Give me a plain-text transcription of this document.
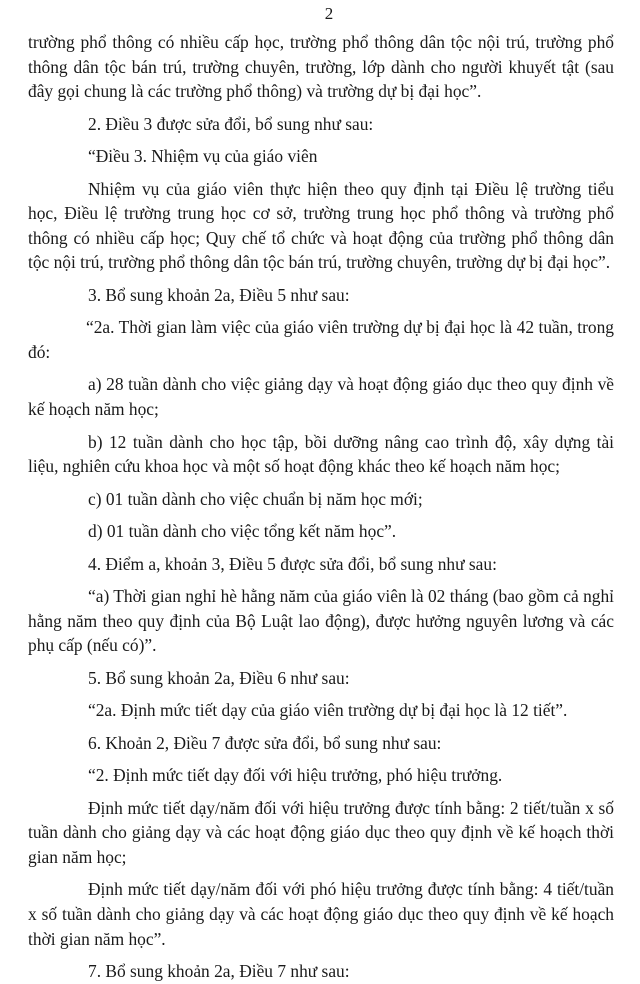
2

trường phổ thông có nhiều cấp học, trường phổ thông dân tộc nội trú, trường phổ thông dân tộc bán trú, trường chuyên, trường, lớp dành cho người khuyết tật (sau đây gọi chung là các trường phổ thông) và trường dự bị đại học”.

2. Điều 3 được sửa đổi, bổ sung như sau:

“Điều 3. Nhiệm vụ của giáo viên

Nhiệm vụ của giáo viên thực hiện theo quy định tại Điều lệ trường tiểu học, Điều lệ trường trung học cơ sở, trường trung học phổ thông và trường phổ thông có nhiều cấp học; Quy chế tổ chức và hoạt động của trường phổ thông dân tộc nội trú, trường phổ thông dân tộc bán trú, trường chuyên, trường dự bị đại học”.

3. Bổ sung khoản 2a, Điều 5 như sau:

“2a. Thời gian làm việc của giáo viên trường dự bị đại học là 42 tuần, trong đó:

a) 28 tuần dành cho việc giảng dạy và hoạt động giáo dục theo quy định về kế hoạch năm học;

b) 12 tuần dành cho học tập, bồi dưỡng nâng cao trình độ, xây dựng tài liệu, nghiên cứu khoa học và một số hoạt động khác theo kế hoạch năm học;

c) 01 tuần dành cho việc chuẩn bị năm học mới;

d) 01 tuần dành cho việc tổng kết năm học”.

4. Điểm a, khoản 3, Điều 5 được sửa đổi, bổ sung như sau:

“a) Thời gian nghỉ hè hằng năm của giáo viên là 02 tháng (bao gồm cả nghỉ hằng năm theo quy định của Bộ Luật lao động), được hưởng nguyên lương và các phụ cấp (nếu có)”.

5. Bổ sung khoản 2a, Điều 6 như sau:

“2a. Định mức tiết dạy của giáo viên trường dự bị đại học là 12 tiết”.

6. Khoản 2, Điều 7 được sửa đổi, bổ sung như sau:

“2. Định mức tiết dạy đối với hiệu trưởng, phó hiệu trưởng.

Định mức tiết dạy/năm đối với hiệu trưởng được tính bằng: 2 tiết/tuần x số tuần dành cho giảng dạy và các hoạt động giáo dục theo quy định về kế hoạch thời gian năm học;

Định mức tiết dạy/năm đối với phó hiệu trưởng được tính bằng: 4 tiết/tuần x số tuần dành cho giảng dạy và các hoạt động giáo dục theo quy định về kế hoạch thời gian năm học”.

7. Bổ sung khoản 2a, Điều 7 như sau:
